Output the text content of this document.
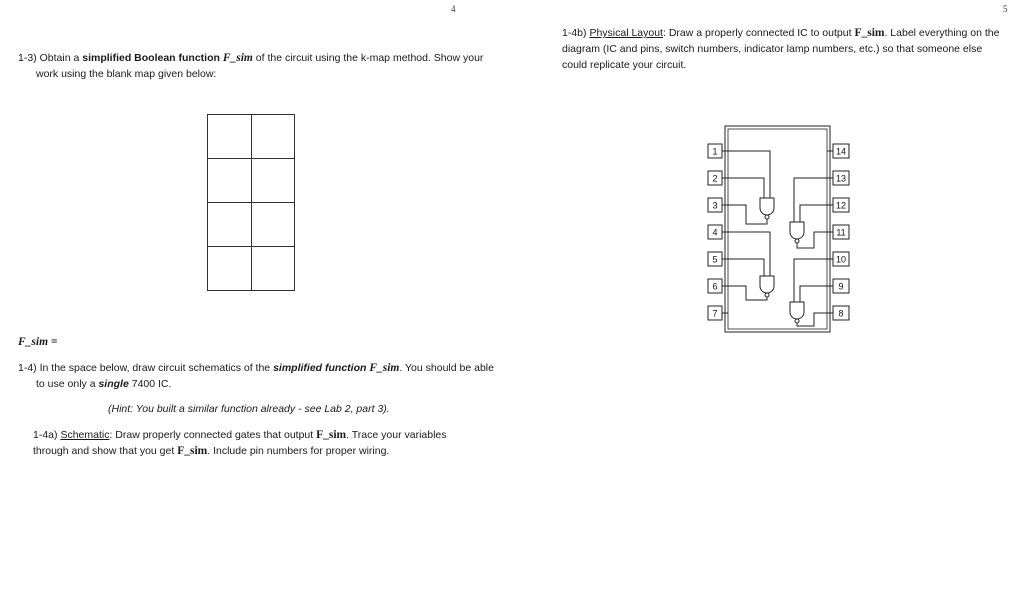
4
1-3) Obtain a simplified Boolean function F_sim of the circuit using the k-map method. Show your work using the blank map given below:
F_sim =
1-4) In the space below, draw circuit schematics of the simplified function F_sim. You should be able to use only a single 7400 IC.
(Hint: You built a similar function already - see Lab 2, part 3).
1-4a) Schematic: Draw properly connected gates that output F_sim. Trace your variables through and show that you get F_sim. Include pin numbers for proper wiring.
5
1-4b) Physical Layout: Draw a properly connected IC to output F_sim. Label everything on the diagram (IC and pins, switch numbers, indicator lamp numbers, etc.) so that someone else could replicate your circuit.
1
2
3
4
5
6
7
14
13
12
11
10
9
8
